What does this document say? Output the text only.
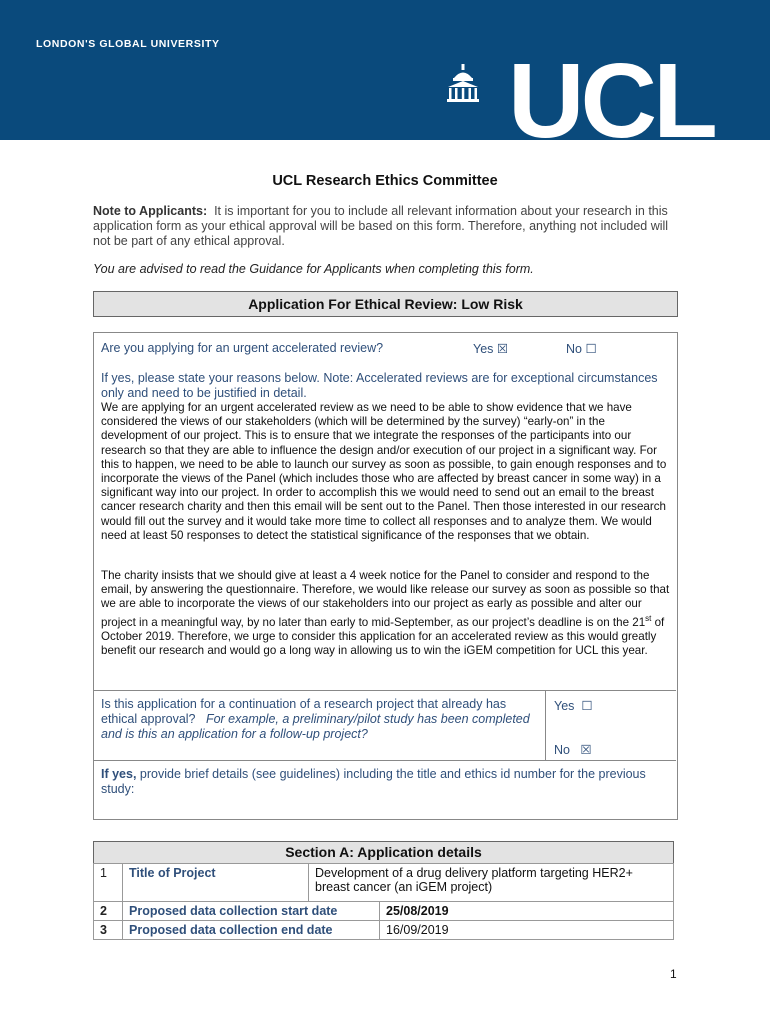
LONDON'S GLOBAL UNIVERSITY	UCL
UCL Research Ethics Committee
Note to Applicants: It is important for you to include all relevant information about your research in this application form as your ethical approval will be based on this form. Therefore, anything not included will not be part of any ethical approval.
You are advised to read the Guidance for Applicants when completing this form.
Application For Ethical Review: Low Risk
Are you applying for an urgent accelerated review?	Yes ☒	No ☐
If yes, please state your reasons below. Note: Accelerated reviews are for exceptional circumstances only and need to be justified in detail.
We are applying for an urgent accelerated review as we need to be able to show evidence that we have considered the views of our stakeholders (which will be determined by the survey) “early-on” in the development of our project. This is to ensure that we integrate the responses of the participants into our research so that they are able to influence the design and/or execution of our project in a significant way. For this to happen, we need to be able to launch our survey as soon as possible, to gain enough responses and to incorporate the views of the Panel (which includes those who are affected by breast cancer in some way) in a significant way into our project. In order to accomplish this we would need to send out an email to the breast cancer research charity and then this email will be sent out to the Panel. Then those interested in our research would fill out the survey and it would take more time to collect all responses and to analyze them. We would need at least 50 responses to detect the statistical significance of the responses that we obtain.
The charity insists that we should give at least a 4 week notice for the Panel to consider and respond to the email, by answering the questionnaire. Therefore, we would like release our survey as soon as possible so that we are able to incorporate the views of our stakeholders into our project as early as possible and alter our project in a meaningful way, by no later than early to mid-September, as our project’s deadline is on the 21st of October 2019. Therefore, we urge to consider this application for an accelerated review as this would greatly benefit our research and would go a long way in allowing us to win the iGEM competition for UCL this year.
Is this application for a continuation of a research project that already has ethical approval? For example, a preliminary/pilot study has been completed and is this an application for a follow-up project?
Yes  ☐
No   ☒
If yes, provide brief details (see guidelines) including the title and ethics id number for the previous study:
Section A: Application details
1	Title of Project	Development of a drug delivery platform targeting HER2+ breast cancer (an iGEM project)	
2	Proposed data collection start date		25/08/2019
3	Proposed data collection end date		16/09/2019
1
